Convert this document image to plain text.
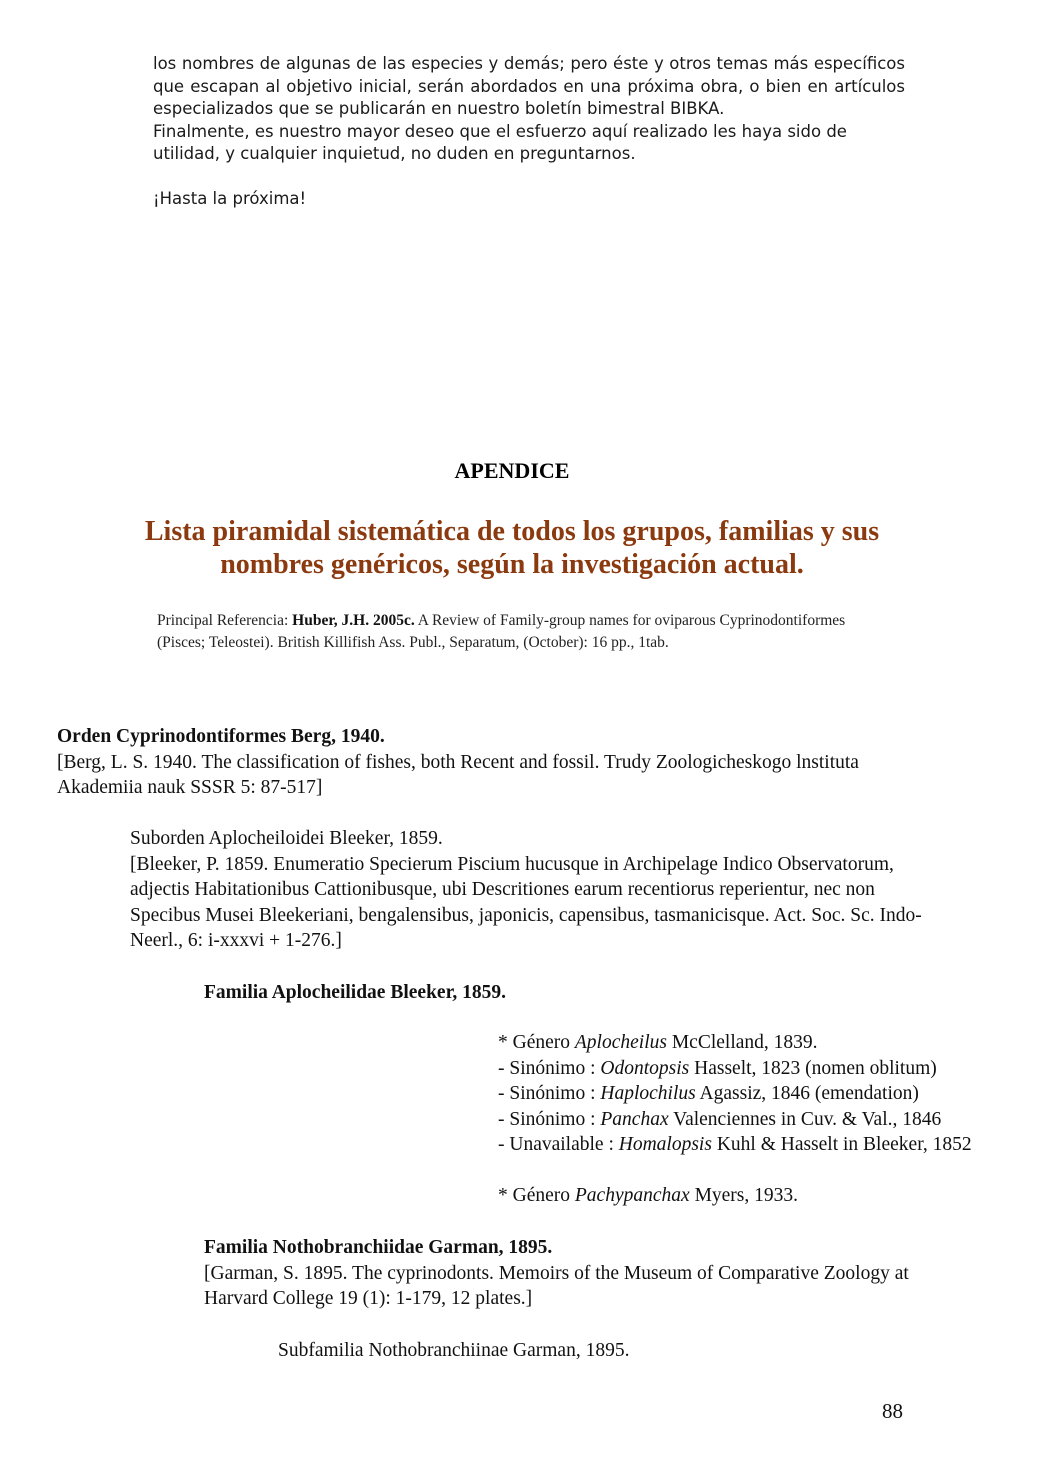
los nombres de algunas de las especies y demás; pero éste y otros temas más específicos que escapan al objetivo inicial, serán abordados en una próxima obra, o bien en artículos especializados que se publicarán en nuestro boletín bimestral BIBKA.

Finalmente, es nuestro mayor deseo que el esfuerzo aquí realizado les haya sido de utilidad, y cualquier inquietud, no duden en preguntarnos.

¡Hasta la próxima!

APENDICE
Lista piramidal sistemática de todos los grupos, familias y sus
nombres genéricos, según la investigación actual.
Principal Referencia: Huber, J.H. 2005c. A Review of Family-group names for oviparous Cyprinodontiformes (Pisces; Teleostei). British Killifish Ass. Publ., Separatum, (October): 16 pp., 1tab.
Orden Cyprinodontiformes Berg, 1940.
[Berg, L. S. 1940. The classification of fishes, both Recent and fossil. Trudy Zoologicheskogo lnstituta
Akademiia nauk SSSR 5: 87-517]
Suborden Aplocheiloidei Bleeker, 1859.
[Bleeker, P. 1859. Enumeratio Specierum Piscium hucusque in Archipelage Indico Observatorum,
adjectis Habitationibus Cattionibusque, ubi Descritiones earum recentiorus reperientur, nec non
Specibus Musei Bleekeriani, bengalensibus, japonicis, capensibus, tasmanicisque. Act. Soc. Sc. Indo-
Neerl., 6: i-xxxvi + 1-276.]
Familia Aplocheilidae Bleeker, 1859.
* Género Aplocheilus McClelland, 1839.
- Sinónimo : Odontopsis Hasselt, 1823 (nomen oblitum)
- Sinónimo : Haplochilus Agassiz, 1846 (emendation)
- Sinónimo : Panchax Valenciennes in Cuv. & Val., 1846
- Unavailable : Homalopsis Kuhl & Hasselt in Bleeker, 1852
* Género Pachypanchax Myers, 1933.
Familia Nothobranchiidae Garman, 1895.
[Garman, S. 1895. The cyprinodonts. Memoirs of the Museum of Comparative Zoology at
Harvard College 19 (1): 1-179, 12 plates.]
Subfamilia Nothobranchiinae Garman, 1895.
88
